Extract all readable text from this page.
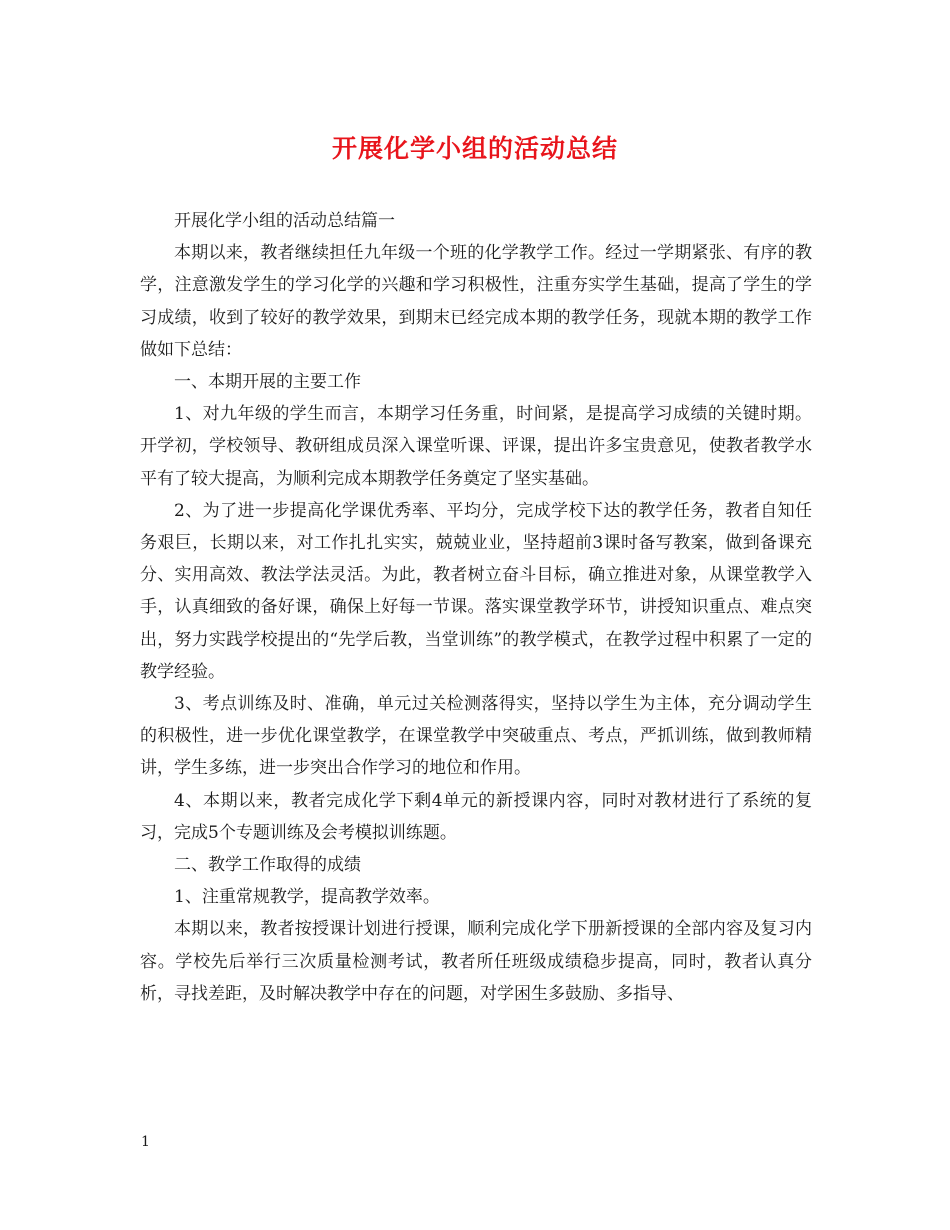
开展化学小组的活动总结

开展化学小组的活动总结篇一

本期以来，教者继续担任九年级一个班的化学教学工作。经过一学期紧张、有序的教学，注意激发学生的学习化学的兴趣和学习积极性，注重夯实学生基础，提高了学生的学习成绩，收到了较好的教学效果，到期末已经完成本期的教学任务，现就本期的教学工作做如下总结：

一、本期开展的主要工作

1、对九年级的学生而言，本期学习任务重，时间紧，是提高学习成绩的关键时期。开学初，学校领导、教研组成员深入课堂听课、评课，提出许多宝贵意见，使教者教学水平有了较大提高，为顺利完成本期教学任务奠定了坚实基础。

2、为了进一步提高化学课优秀率、平均分，完成学校下达的教学任务，教者自知任务艰巨，长期以来，对工作扎扎实实，兢兢业业，坚持超前3课时备写教案，做到备课充分、实用高效、教法学法灵活。为此，教者树立奋斗目标，确立推进对象，从课堂教学入手，认真细致的备好课，确保上好每一节课。落实课堂教学环节，讲授知识重点、难点突出，努力实践学校提出的“先学后教，当堂训练”的教学模式，在教学过程中积累了一定的教学经验。

3、考点训练及时、准确，单元过关检测落得实，坚持以学生为主体，充分调动学生的积极性，进一步优化课堂教学，在课堂教学中突破重点、考点，严抓训练，做到教师精讲，学生多练，进一步突出合作学习的地位和作用。

4、本期以来，教者完成化学下剩4单元的新授课内容，同时对教材进行了系统的复习，完成5个专题训练及会考模拟训练题。

二、教学工作取得的成绩

1、注重常规教学，提高教学效率。

本期以来，教者按授课计划进行授课，顺利完成化学下册新授课的全部内容及复习内容。学校先后举行三次质量检测考试，教者所任班级成绩稳步提高，同时，教者认真分析，寻找差距，及时解决教学中存在的问题，对学困生多鼓励、多指导、

1
